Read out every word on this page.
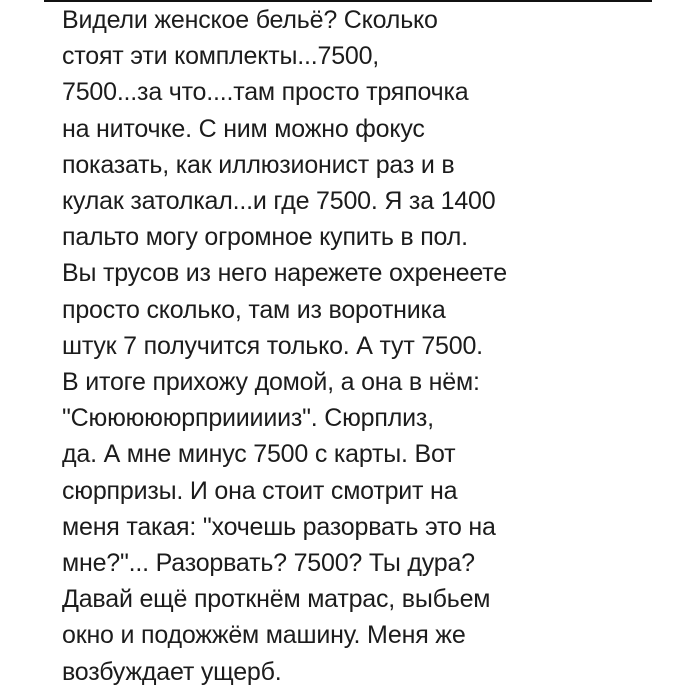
Видели женское бельё? Сколько
стоят эти комплекты...7500,
7500...за что....там просто тряпочка
на ниточке. С ним можно фокус
показать, как иллюзионист раз и в
кулак затолкал...и где 7500. Я за 1400
пальто могу огромное купить в пол.
Вы трусов из него нарежете охренеете
просто сколько, там из воротника
штук 7 получится только. А тут 7500.
В итоге прихожу домой, а она в нём:
"Сюююююрприииииз". Сюрплиз,
да. А мне минус 7500 с карты. Вот
сюрпризы. И она стоит смотрит на
меня такая: "хочешь разорвать это на
мне?"... Разорвать? 7500? Ты дура?
Давай ещё проткнём матрас, выбьем
окно и подожжём машину. Меня же
возбуждает ущерб.
